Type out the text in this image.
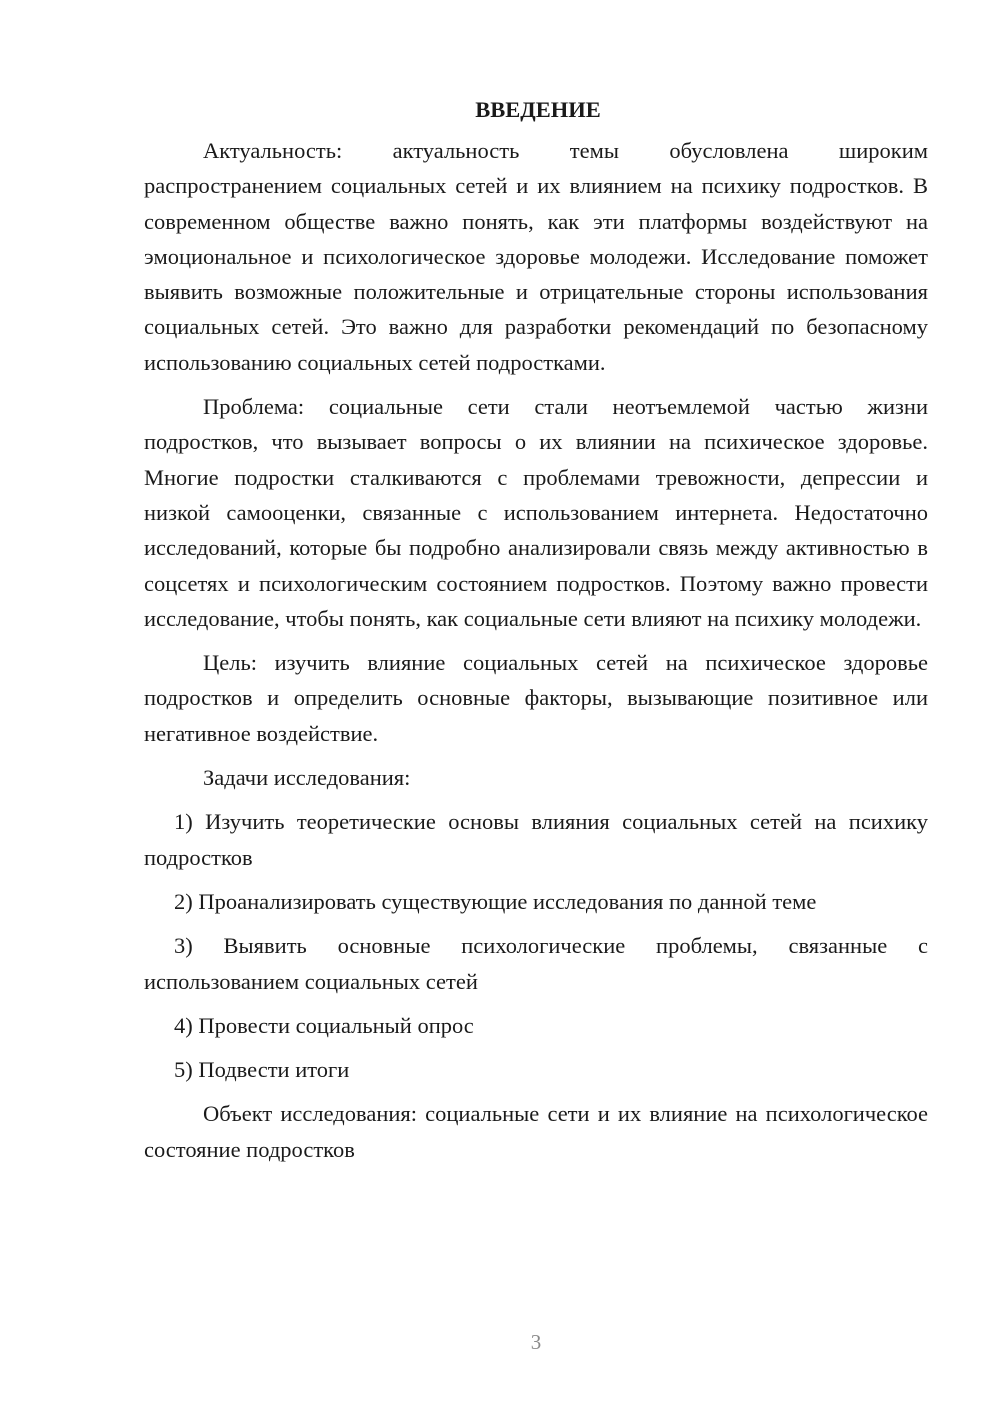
ВВЕДЕНИЕ

Актуальность: актуальность темы обусловлена широким распространением социальных сетей и их влиянием на психику подростков. В современном обществе важно понять, как эти платформы воздействуют на эмоциональное и психологическое здоровье молодежи. Исследование поможет выявить возможные положительные и отрицательные стороны использования социальных сетей. Это важно для разработки рекомендаций по безопасному использованию социальных сетей подростками.

Проблема: социальные сети стали неотъемлемой частью жизни подростков, что вызывает вопросы о их влиянии на психическое здоровье. Многие подростки сталкиваются с проблемами тревожности, депрессии и низкой самооценки, связанные с использованием интернета. Недостаточно исследований, которые бы подробно анализировали связь между активностью в соцсетях и психологическим состоянием подростков. Поэтому важно провести исследование, чтобы понять, как социальные сети влияют на психику молодежи.

Цель: изучить влияние социальных сетей на психическое здоровье подростков и определить основные факторы, вызывающие позитивное или негативное воздействие.

Задачи исследования:

1) Изучить теоретические основы влияния социальных сетей на психику подростков

2) Проанализировать существующие исследования по данной теме

3) Выявить основные психологические проблемы, связанные с использованием социальных сетей

4) Провести социальный опрос

5) Подвести итоги

Объект исследования: социальные сети и их влияние на психологическое состояние подростков

3
